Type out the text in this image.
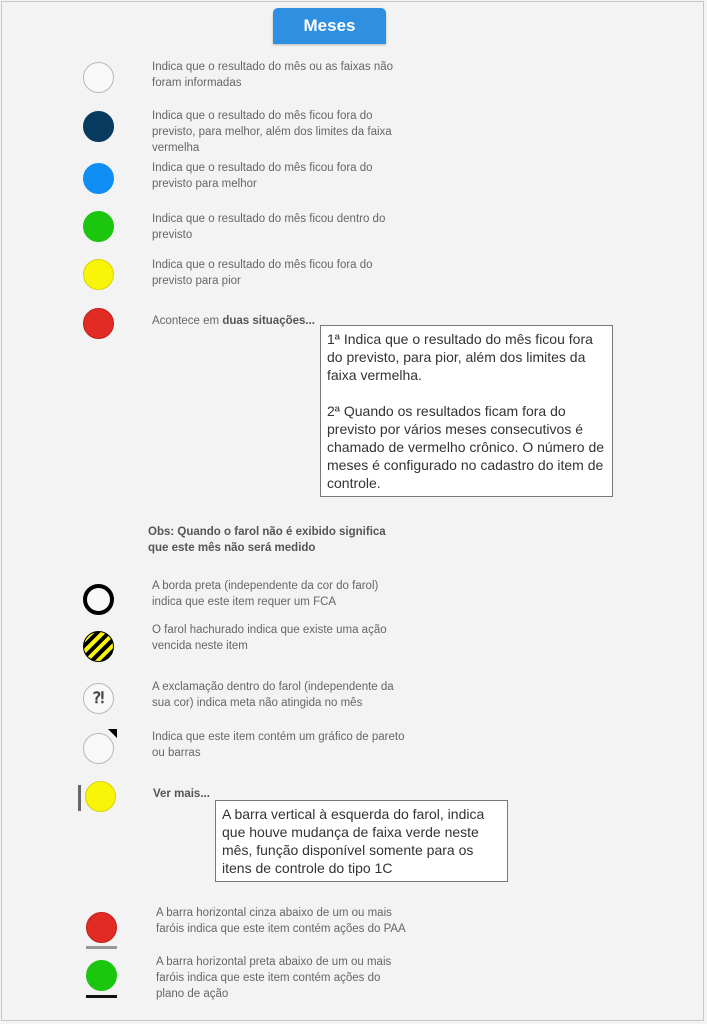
Meses
Indica que o resultado do mês ou as faixas não foram informadas
Indica que o resultado do mês ficou fora do previsto, para melhor, além dos limites da faixa vermelha
Indica que o resultado do mês ficou fora do previsto para melhor
Indica que o resultado do mês ficou dentro do previsto
Indica que o resultado do mês ficou fora do previsto para pior
Acontece em duas situações...

1ª Indica que o resultado do mês ficou fora do previsto, para pior, além dos limites da faixa vermelha.

2ª Quando os resultados ficam fora do previsto por vários meses consecutivos é chamado de vermelho crônico. O número de meses é configurado no cadastro do item de controle.

Obs: Quando o farol não é exibido significa que este mês não será medido
A borda preta (independente da cor do farol) indica que este item requer um FCA
O farol hachurado indica que existe uma ação vencida neste item
⁈
A exclamação dentro do farol (independente da sua cor) indica meta não atingida no mês
Indica que este item contém um gráfico de pareto ou barras
Ver mais...

A barra vertical à esquerda do farol, indica que houve mudança de faixa verde neste mês, função disponível somente para os itens de controle do tipo 1C

A barra horizontal cinza abaixo de um ou mais faróis indica que este item contém ações do PAA
A barra horizontal preta abaixo de um ou mais faróis indica que este item contém ações do plano de ação
